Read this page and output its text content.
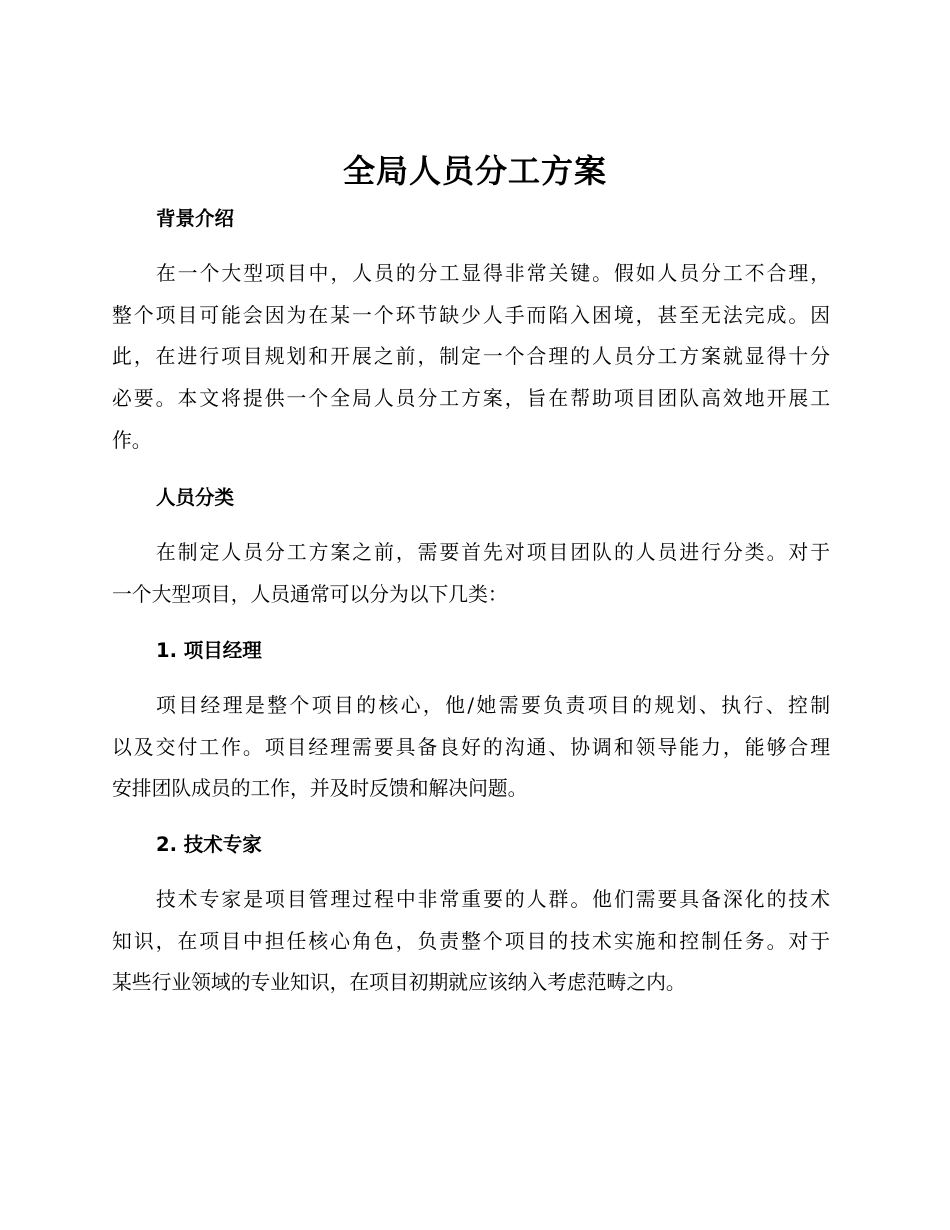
全局人员分工方案
背景介绍
在一个大型项目中，人员的分工显得非常关键。假如人员分工不合理，
整个项目可能会因为在某一个环节缺少人手而陷入困境，甚至无法完成。因
此，在进行项目规划和开展之前，制定一个合理的人员分工方案就显得十分
必要。本文将提供一个全局人员分工方案，旨在帮助项目团队高效地开展工
作。
人员分类
在制定人员分工方案之前，需要首先对项目团队的人员进行分类。对于
一个大型项目，人员通常可以分为以下几类：
1. 项目经理
项目经理是整个项目的核心，他/她需要负责项目的规划、执行、控制
以及交付工作。项目经理需要具备良好的沟通、协调和领导能力，能够合理
安排团队成员的工作，并及时反馈和解决问题。
2. 技术专家
技术专家是项目管理过程中非常重要的人群。他们需要具备深化的技术
知识，在项目中担任核心角色，负责整个项目的技术实施和控制任务。对于
某些行业领域的专业知识，在项目初期就应该纳入考虑范畴之内。
